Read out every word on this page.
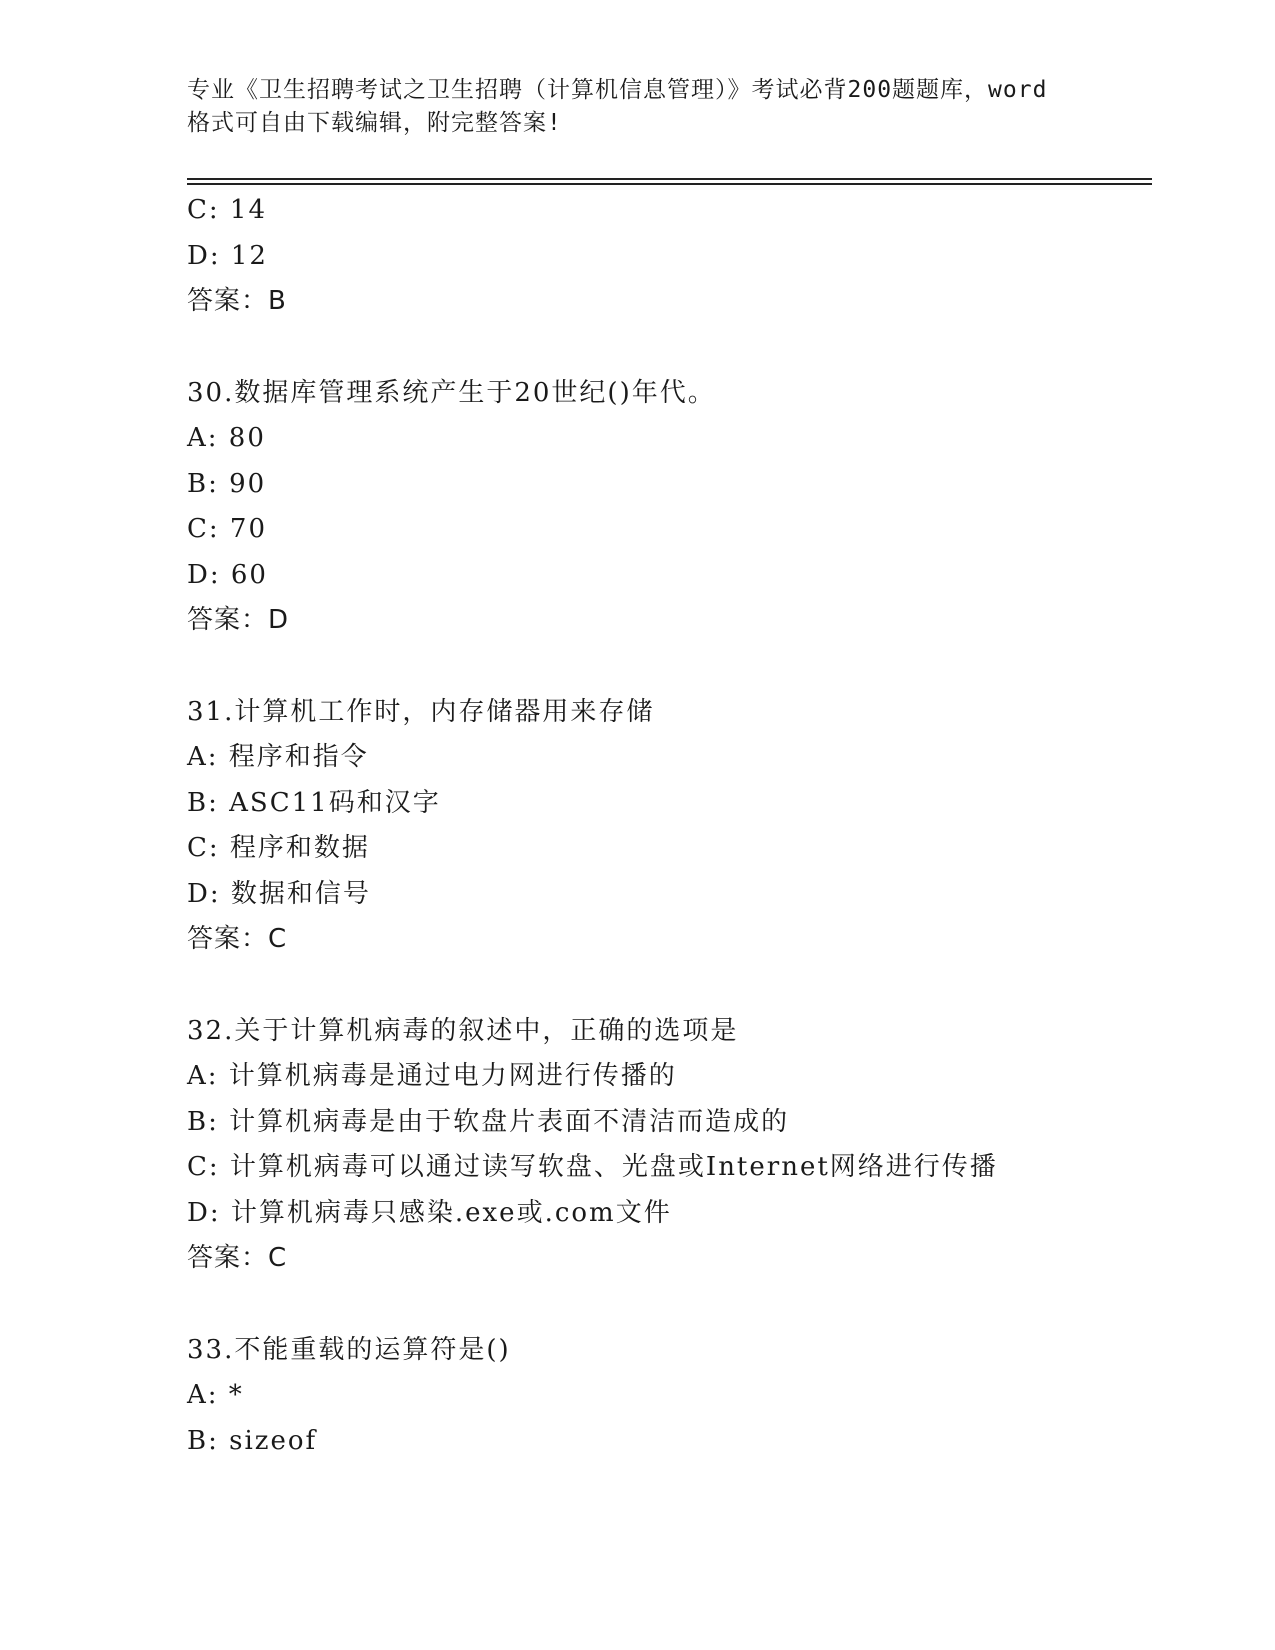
专业《卫生招聘考试之卫生招聘（计算机信息管理）》考试必背200题题库，word
格式可自由下载编辑，附完整答案!
C: 14
D: 12
答案：B
30.数据库管理系统产生于20世纪()年代。
A: 80
B: 90
C: 70
D: 60
答案：D
31.计算机工作时，内存储器用来存储
A: 程序和指令
B: ASC11码和汉字
C: 程序和数据
D: 数据和信号
答案：C
32.关于计算机病毒的叙述中，正确的选项是
A: 计算机病毒是通过电力网进行传播的
B: 计算机病毒是由于软盘片表面不清洁而造成的
C: 计算机病毒可以通过读写软盘、光盘或Internet网络进行传播
D: 计算机病毒只感染.exe或.com文件
答案：C
33.不能重载的运算符是()
A: *
B: sizeof
